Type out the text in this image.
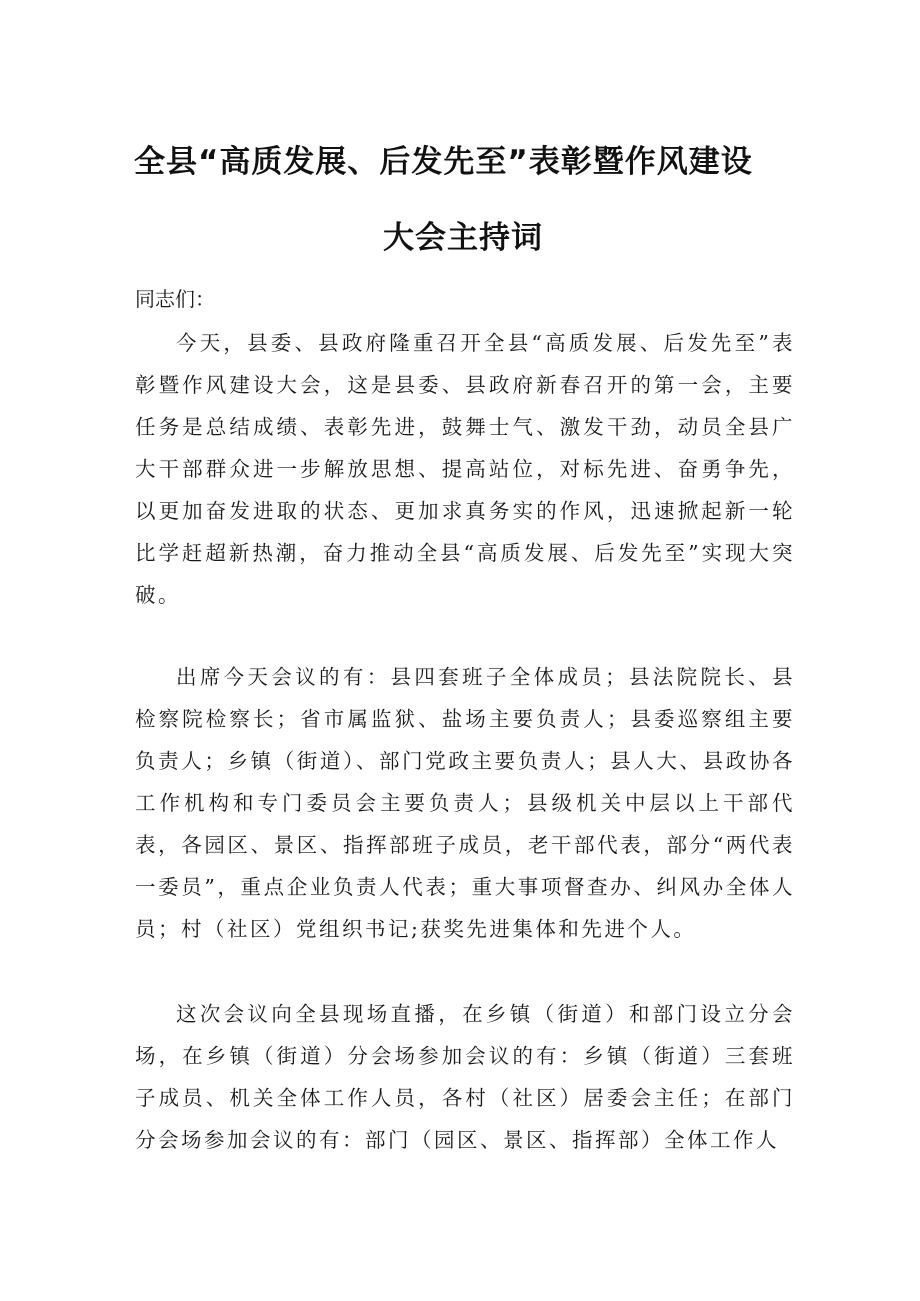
全县“高质发展、后发先至”表彰暨作风建设
大会主持词
同志们：

今天，县委、县政府隆重召开全县“高质发展、后发先至”表彰暨作风建设大会，这是县委、县政府新春召开的第一会，主要任务是总结成绩、表彰先进，鼓舞士气、激发干劲，动员全县广大干部群众进一步解放思想、提高站位，对标先进、奋勇争先，以更加奋发进取的状态、更加求真务实的作风，迅速掀起新一轮比学赶超新热潮，奋力推动全县“高质发展、后发先至”实现大突破。

出席今天会议的有：县四套班子全体成员；县法院院长、县检察院检察长；省市属监狱、盐场主要负责人；县委巡察组主要负责人；乡镇（街道）、部门党政主要负责人；县人大、县政协各工作机构和专门委员会主要负责人；县级机关中层以上干部代表，各园区、景区、指挥部班子成员，老干部代表，部分“两代表一委员”，重点企业负责人代表；重大事项督查办、纠风办全体人员；村（社区）党组织书记;获奖先进集体和先进个人。

这次会议向全县现场直播，在乡镇（街道）和部门设立分会场，在乡镇（街道）分会场参加会议的有：乡镇（街道）三套班子成员、机关全体工作人员，各村（社区）居委会主任；在部门分会场参加会议的有：部门（园区、景区、指挥部）全体工作人
